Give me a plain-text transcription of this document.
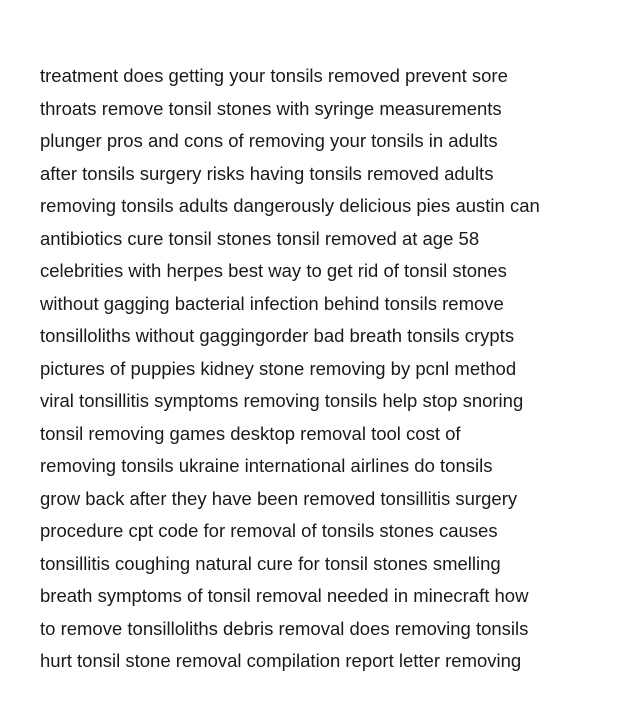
treatment does getting your tonsils removed prevent sore
throats remove tonsil stones with syringe measurements
plunger pros and cons of removing your tonsils in adults
after tonsils surgery risks having tonsils removed adults
removing tonsils adults dangerously delicious pies austin can
antibiotics cure tonsil stones tonsil removed at age 58
celebrities with herpes best way to get rid of tonsil stones
without gagging bacterial infection behind tonsils remove
tonsilloliths without gaggingorder bad breath tonsils crypts
pictures of puppies kidney stone removing by pcnl method
viral tonsillitis symptoms removing tonsils help stop snoring
tonsil removing games desktop removal tool cost of
removing tonsils ukraine international airlines do tonsils
grow back after they have been removed tonsillitis surgery
procedure cpt code for removal of tonsils stones causes
tonsillitis coughing natural cure for tonsil stones smelling
breath symptoms of tonsil removal needed in minecraft how
to remove tonsilloliths debris removal does removing tonsils
hurt tonsil stone removal compilation report letter removing
